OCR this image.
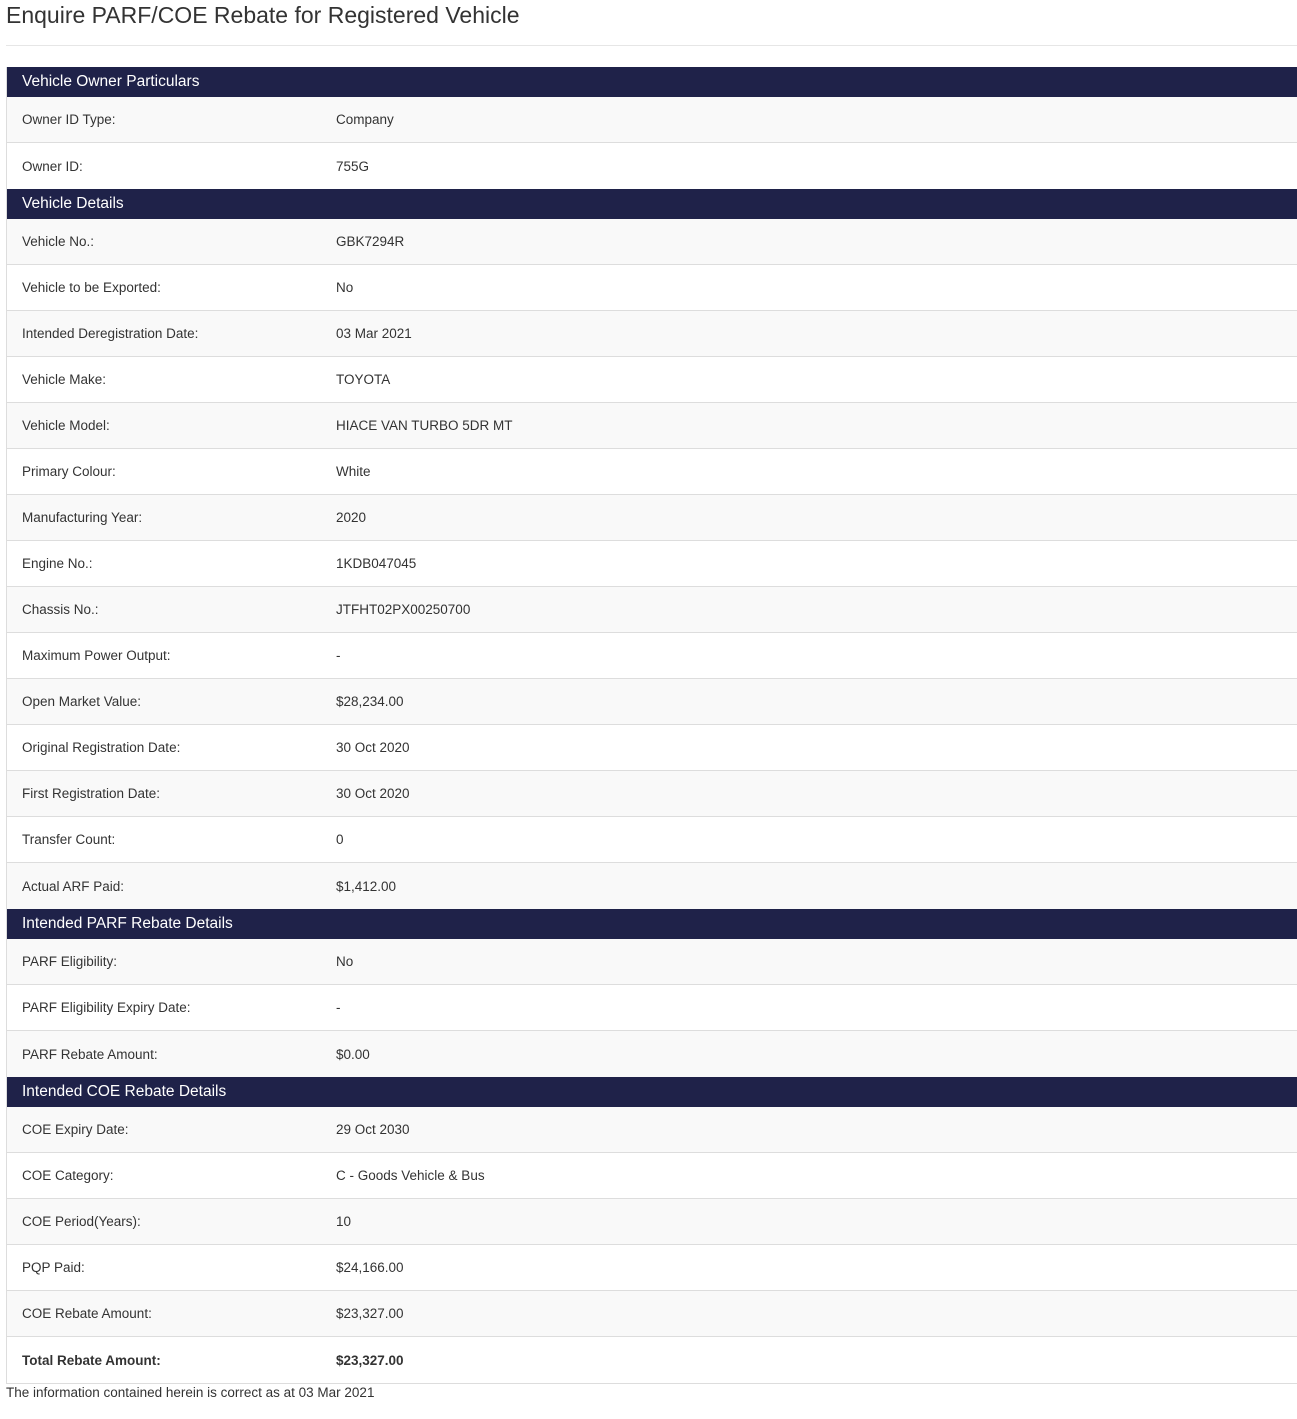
Enquire PARF/COE Rebate for Registered Vehicle
Vehicle Owner Particulars
Owner ID Type:	Company
Owner ID:	755G
Vehicle Details
Vehicle No.:	GBK7294R
Vehicle to be Exported:	No
Intended Deregistration Date:	03 Mar 2021
Vehicle Make:	TOYOTA
Vehicle Model:	HIACE VAN TURBO 5DR MT
Primary Colour:	White
Manufacturing Year:	2020
Engine No.:	1KDB047045
Chassis No.:	JTFHT02PX00250700
Maximum Power Output:	-
Open Market Value:	$28,234.00
Original Registration Date:	30 Oct 2020
First Registration Date:	30 Oct 2020
Transfer Count:	0
Actual ARF Paid:	$1,412.00
Intended PARF Rebate Details
PARF Eligibility:	No
PARF Eligibility Expiry Date:	-
PARF Rebate Amount:	$0.00
Intended COE Rebate Details
COE Expiry Date:	29 Oct 2030
COE Category:	C - Goods Vehicle & Bus
COE Period(Years):	10
PQP Paid:	$24,166.00
COE Rebate Amount:	$23,327.00
Total Rebate Amount:	$23,327.00
The information contained herein is correct as at 03 Mar 2021
